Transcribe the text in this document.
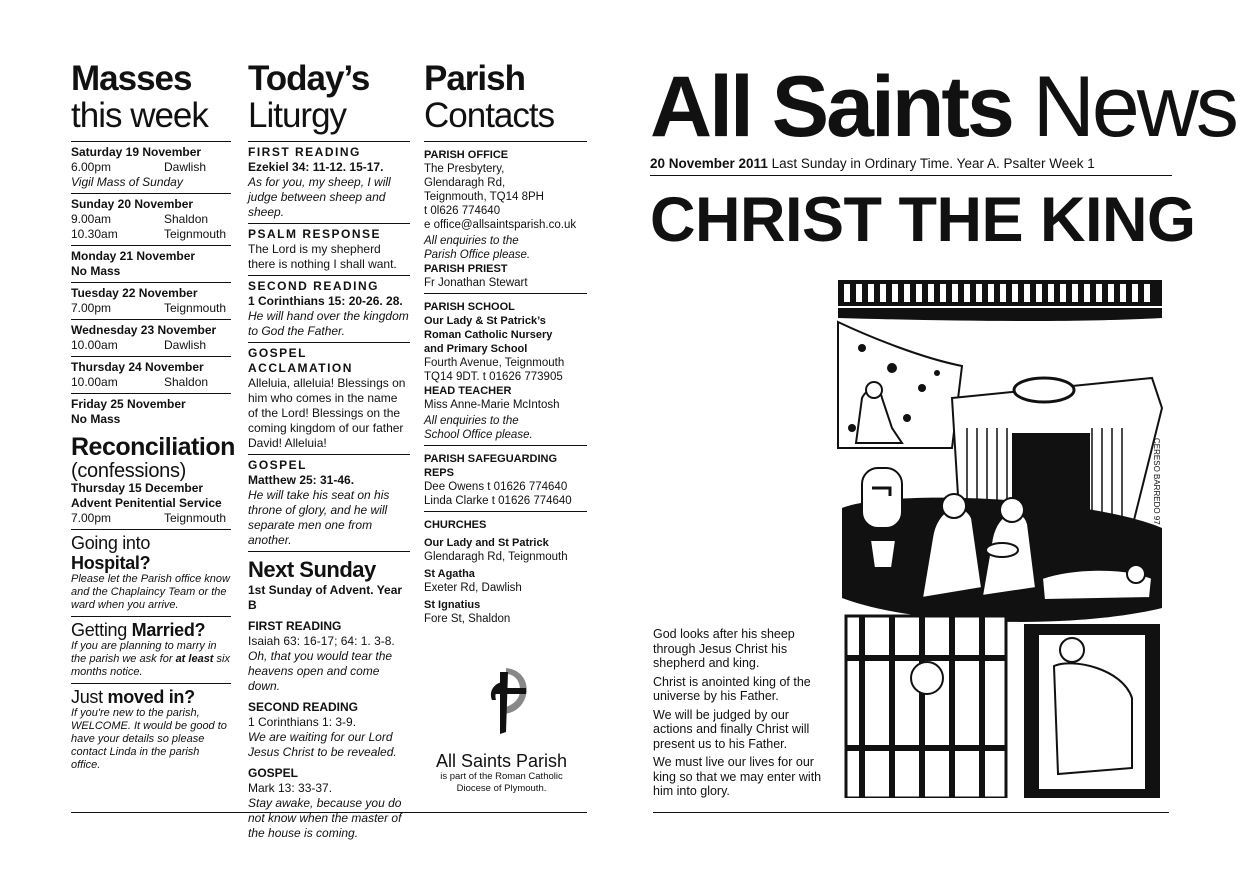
Masses
this week
Saturday 19 November
6.00pm	Dawlish
Vigil Mass of Sunday
Sunday 20 November
9.00am	Shaldon
10.30am	Teignmouth
Monday 21 November
No Mass
Tuesday 22 November
7.00pm	Teignmouth
Wednesday 23 November
10.00am	Dawlish
Thursday 24 November
10.00am	Shaldon
Friday 25 November
No Mass
Reconciliation
(confessions)
Thursday 15 December
Advent Penitential Service
7.00pm	Teignmouth
Going into Hospital?
Please let the Parish office know and the Chaplaincy Team or the ward when you arrive.
Getting Married?
If you are planning to marry in the parish we ask for at least six months notice.
Just moved in?
If you're new to the parish, WELCOME. It would be good to have your details so please contact Linda in the parish office.
Today’s
Liturgy
FIRST READING
Ezekiel 34: 11-12. 15-17.
As for you, my sheep, I will judge between sheep and sheep.
PSALM RESPONSE
The Lord is my shepherd there is nothing I shall want.
SECOND READING
1 Corinthians 15: 20-26. 28.
He will hand over the kingdom to God the Father.
GOSPEL ACCLAMATION
Alleluia, alleluia! Blessings on him who comes in the name of the Lord! Blessings on the coming kingdom of our father David! Alleluia!
GOSPEL
Matthew 25: 31-46.
He will take his seat on his throne of glory, and he will separate men one from another.
Next Sunday
1st Sunday of Advent. Year B
FIRST READING
Isaiah 63: 16-17; 64: 1. 3-8.
Oh, that you would tear the heavens open and come down.
SECOND READING
1 Corinthians 1: 3-9.
We are waiting for our Lord Jesus Christ to be revealed.
GOSPEL
Mark 13: 33-37.
Stay awake, because you do not know when the master of the house is coming.
Parish
Contacts
PARISH OFFICE
The Presbytery,
Glendaragh Rd,
Teignmouth, TQ14 8PH
t 0l626 774640
e office@allsaintsparish.co.uk
All enquiries to the Parish Office please.
PARISH PRIEST
Fr Jonathan Stewart
PARISH SCHOOL
Our Lady & St Patrick’s
Roman Catholic Nursery
and Primary School
Fourth Avenue, Teignmouth
TQ14 9DT. t 01626 773905
HEAD TEACHER
Miss Anne-Marie McIntosh
All enquiries to the School Office please.
PARISH SAFEGUARDING REPS
Dee Owens t 01626 774640
Linda Clarke t 01626 774640
CHURCHES
Our Lady and St Patrick
Glendaragh Rd, Teignmouth
St Agatha
Exeter Rd, Dawlish
St Ignatius
Fore St, Shaldon
All Saints Parish
is part of the Roman Catholic
Diocese of Plymouth.
All Saints News
20 November 2011 Last Sunday in Ordinary Time. Year A. Psalter Week 1
CHRIST THE KING
CERESO BARREDO 97

God looks after his sheep through Jesus Christ his shepherd and king.

Christ is anointed king of the universe by his Father.

We will be judged by our actions and finally Christ will present us to his Father.

We must live our lives for our king so that we may enter with him into glory.
